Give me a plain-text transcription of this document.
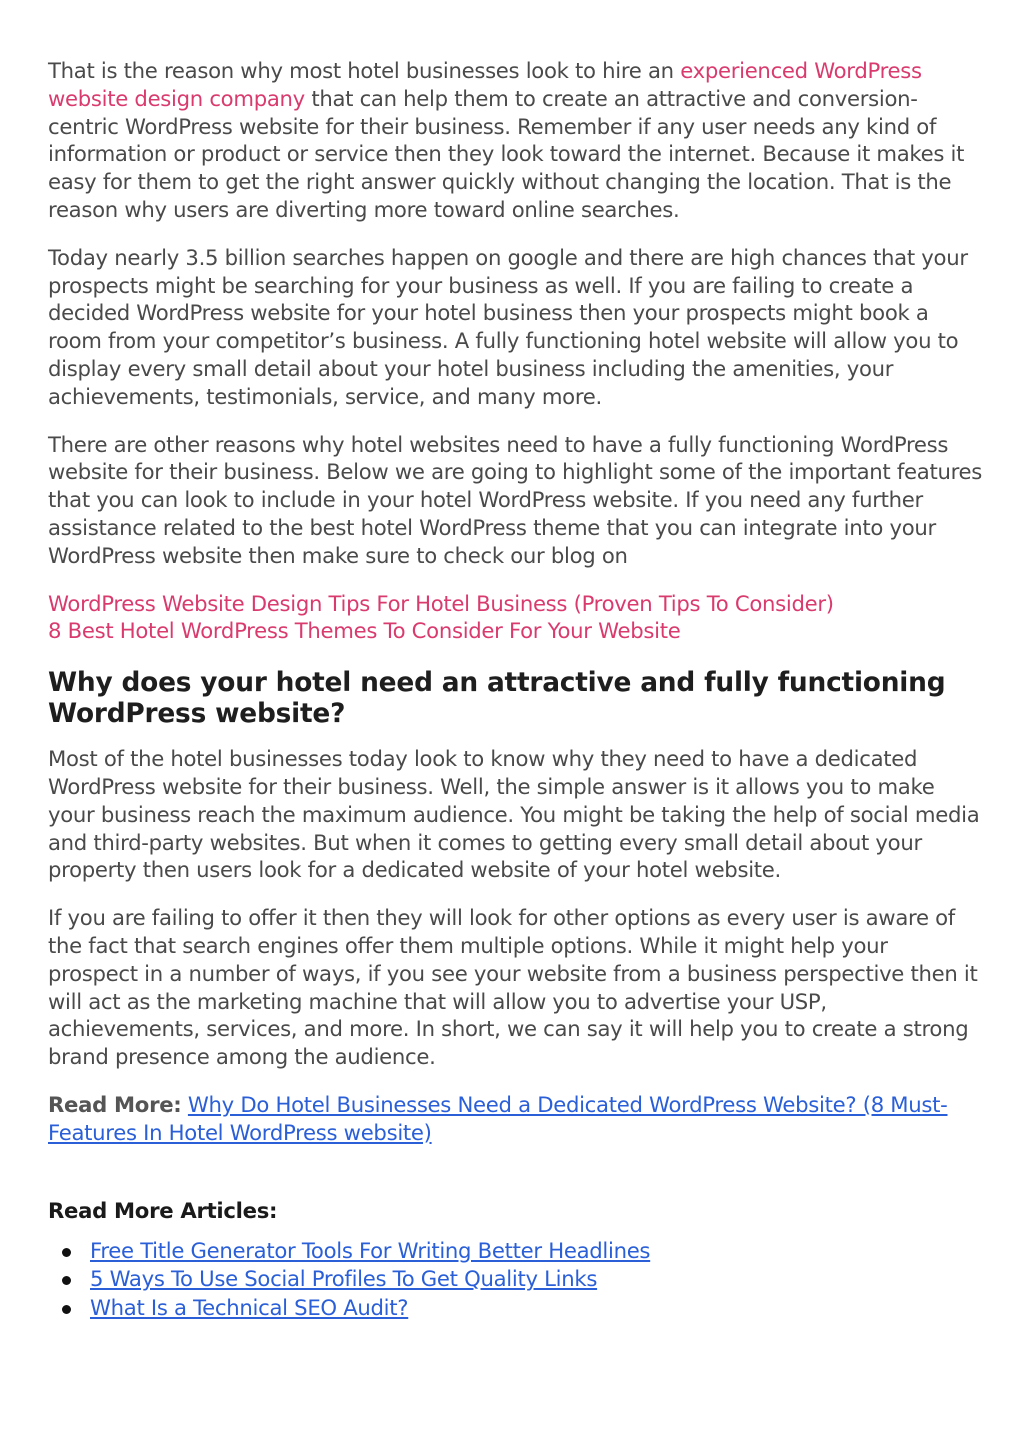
That is the reason why most hotel businesses look to hire an experienced WordPress website design company that can help them to create an attractive and conversion-centric WordPress website for their business. Remember if any user needs any kind of information or product or service then they look toward the internet. Because it makes it easy for them to get the right answer quickly without changing the location. That is the reason why users are diverting more toward online searches.

Today nearly 3.5 billion searches happen on google and there are high chances that your prospects might be searching for your business as well. If you are failing to create a decided WordPress website for your hotel business then your prospects might book a room from your competitor’s business. A fully functioning hotel website will allow you to display every small detail about your hotel business including the amenities, your achievements, testimonials, service, and many more.

There are other reasons why hotel websites need to have a fully functioning WordPress website for their business. Below we are going to highlight some of the important features that you can look to include in your hotel WordPress website. If you need any further assistance related to the best hotel WordPress theme that you can integrate into your WordPress website then make sure to check our blog on

WordPress Website Design Tips For Hotel Business (Proven Tips To Consider)
8 Best Hotel WordPress Themes To Consider For Your Website

Why does your hotel need an attractive and fully functioning WordPress website?

Most of the hotel businesses today look to know why they need to have a dedicated WordPress website for their business. Well, the simple answer is it allows you to make your business reach the maximum audience. You might be taking the help of social media and third-party websites. But when it comes to getting every small detail about your property then users look for a dedicated website of your hotel website.

If you are failing to offer it then they will look for other options as every user is aware of the fact that search engines offer them multiple options. While it might help your prospect in a number of ways, if you see your website from a business perspective then it will act as the marketing machine that will allow you to advertise your USP, achievements, services, and more. In short, we can say it will help you to create a strong brand presence among the audience.

Read More: Why Do Hotel Businesses Need a Dedicated WordPress Website? (8 Must-Features In Hotel WordPress website)

Read More Articles:
Free Title Generator Tools For Writing Better Headlines
5 Ways To Use Social Profiles To Get Quality Links
What Is a Technical SEO Audit?
